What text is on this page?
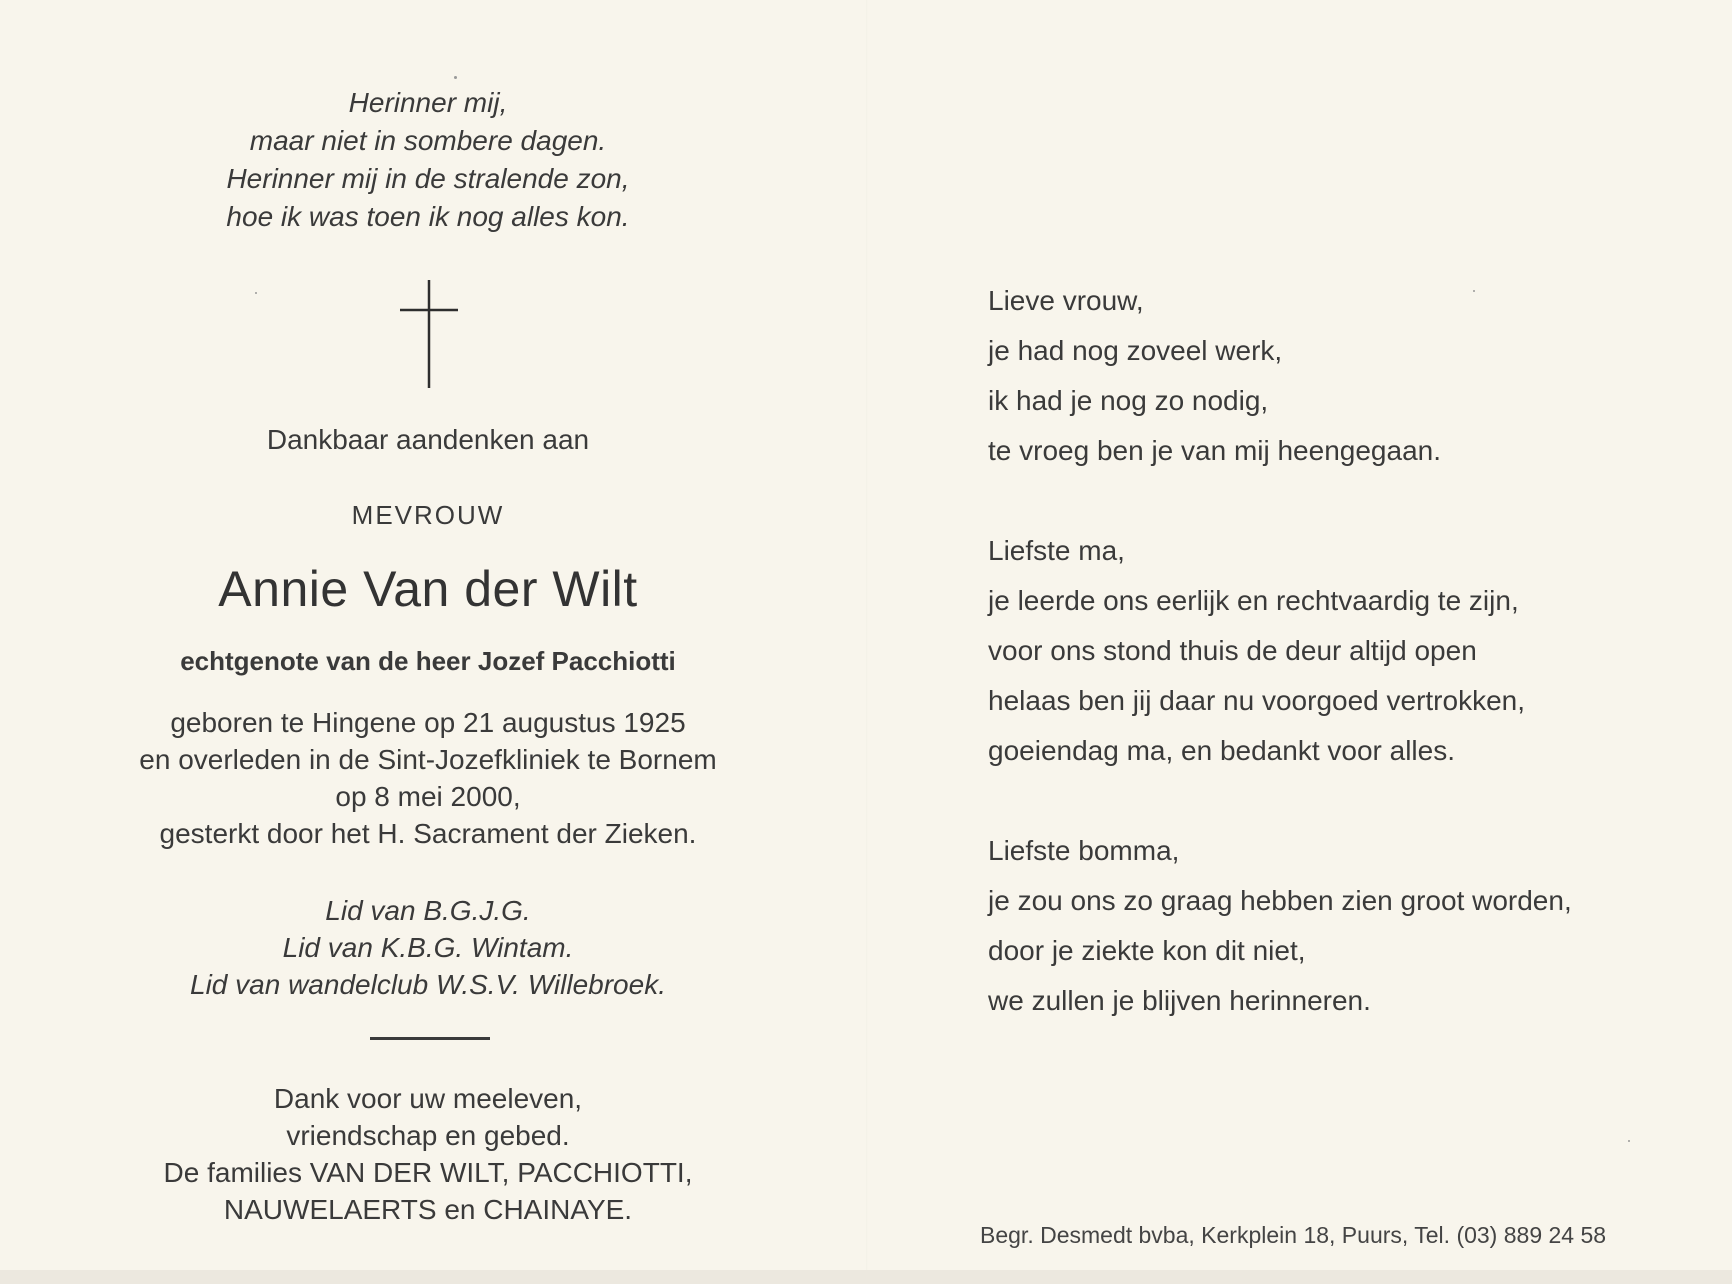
Herinner mij,
maar niet in sombere dagen.
Herinner mij in de stralende zon,
hoe ik was toen ik nog alles kon.
Dankbaar aandenken aan
MEVROUW
Annie Van der Wilt
echtgenote van de heer Jozef Pacchiotti
geboren te Hingene op 21 augustus 1925
en overleden in de Sint-Jozefkliniek te Bornem
op 8 mei 2000,
gesterkt door het H. Sacrament der Zieken.
Lid van B.G.J.G.
Lid van K.B.G. Wintam.
Lid van wandelclub W.S.V. Willebroek.
Dank voor uw meeleven,
vriendschap en gebed.
De families VAN DER WILT, PACCHIOTTI,
NAUWELAERTS en CHAINAYE.
Lieve vrouw,
je had nog zoveel werk,
ik had je nog zo nodig,
te vroeg ben je van mij heengegaan.
Liefste ma,
je leerde ons eerlijk en rechtvaardig te zijn,
voor ons stond thuis de deur altijd open
helaas ben jij daar nu voorgoed vertrokken,
goeiendag ma, en bedankt voor alles.
Liefste bomma,
je zou ons zo graag hebben zien groot worden,
door je ziekte kon dit niet,
we zullen je blijven herinneren.
Begr. Desmedt bvba, Kerkplein 18, Puurs, Tel. (03) 889 24 58
